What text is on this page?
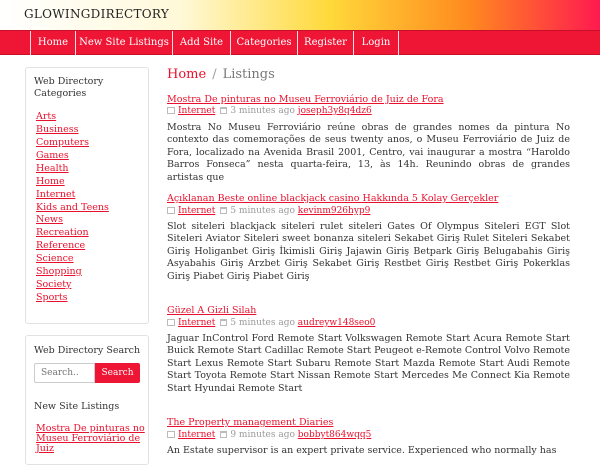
GLOWINGDIRECTORY
Home	New Site Listings	Add Site	Categories	Register	Login
Web Directory
Categories
Arts
Business
Computers
Games
Health
Home
Internet
Kids and Teens
News
Recreation
Reference
Science
Shopping
Society
Sports
Web Directory Search
Search..
Search
New Site Listings
Mostra De pinturas no
Museu Ferroviário de
Juiz
Home / Listings
Mostra De pinturas no Museu Ferroviário de Juiz de Fora
Internet 3 minutes ago joseph3y8q4dz6
Mostra No Museu Ferroviário reúne obras de grandes nomes da pintura No contexto das comemorações de seus twenty anos, o Museu Ferroviário de Juiz de Fora, localizado na Avenida Brasil 2001, Centro, vai inaugurar a mostra “Haroldo Barros Fonseca” nesta quarta-feira, 13, às 14h. Reunindo obras de grandes artistas que
Açıklanan Beste online blackjack casino Hakkında 5 Kolay Gerçekler
Internet 5 minutes ago kevinm926hyp9
Slot siteleri blackjack siteleri rulet siteleri Gates Of Olympus Siteleri EGT Slot Siteleri Aviator Siteleri sweet bonanza siteleri Sekabet Giriş Rulet Siteleri Sekabet Giriş Holiganbet Giriş İkimisli Giriş Jajawin Giriş Betpark Giriş Belugabahis Giriş Asyabahis Giriş Arzbet Giriş Sekabet Giriş Restbet Giriş Restbet Giriş Pokerklas Giriş Piabet Giriş Piabet Giriş
Güzel A Gizli Silah
Internet 5 minutes ago audreyw148seo0
Jaguar InControl Ford Remote Start Volkswagen Remote Start Acura Remote Start Buick Remote Start Cadillac Remote Start Peugeot e-Remote Control Volvo Remote Start Lexus Remote Start Subaru Remote Start Mazda Remote Start Audi Remote Start Toyota Remote Start Nissan Remote Start Mercedes Me Connect Kia Remote Start Hyundai Remote Start
The Property management Diaries
Internet 9 minutes ago bobbyt864wqq5
An Estate supervisor is an expert private service. Experienced who normally has
